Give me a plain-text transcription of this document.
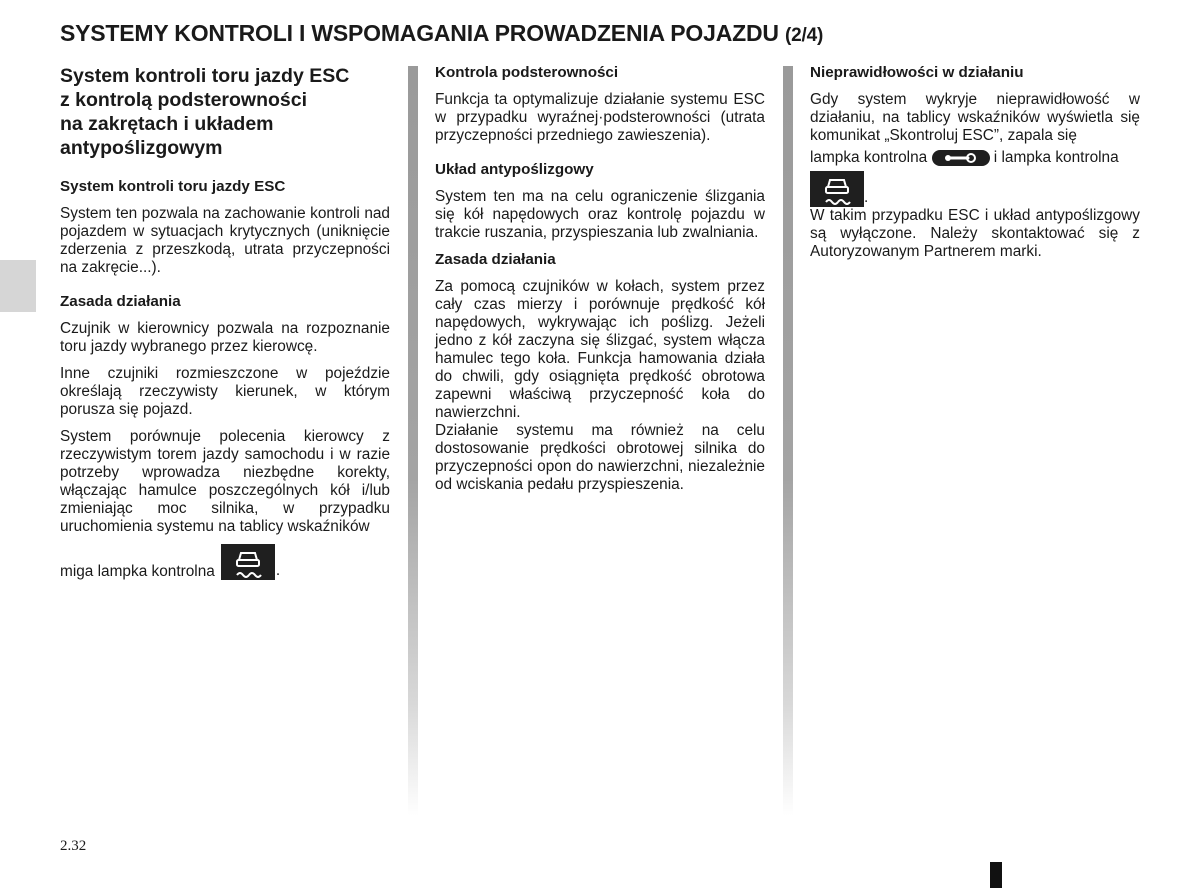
SYSTEMY KONTROLI I WSPOMAGANIA PROWADZENIA POJAZDU (2/4)
System kontroli toru jazdy ESC
z kontrolą podsterowności
na zakrętach i układem
antypoślizgowym
System kontroli toru jazdy ESC

System ten pozwala na zachowanie kontroli nad pojazdem w sytuacjach krytycznych (uniknięcie zderzenia z przeszkodą, utrata przyczepności na zakręcie...).

Zasada działania

Czujnik w kierownicy pozwala na rozpoznanie toru jazdy wybranego przez kierowcę.

Inne czujniki rozmieszczone w pojeździe określają rzeczywisty kierunek, w którym porusza się pojazd.

System porównuje polecenia kierowcy z rzeczywistym torem jazdy samochodu i w razie potrzeby wprowadza niezbędne korekty, włączając hamulce poszczególnych kół i/lub zmieniając moc silnika, w przypadku uruchomienia systemu na tablicy wskaźników

miga lampka kontrolna	.
Kontrola podsterowności

Funkcja ta optymalizuje działanie systemu ESC w przypadku wyraźnej·podsterowności (utrata przyczepności przedniego zawieszenia).

Układ antypoślizgowy

System ten ma na celu ograniczenie ślizgania się kół napędowych oraz kontrolę pojazdu w trakcie ruszania, przyspieszania lub zwalniania.

Zasada działania

Za pomocą czujników w kołach, system przez cały czas mierzy i porównuje prędkość kół napędowych, wykrywając ich poślizg. Jeżeli jedno z kół zaczyna się ślizgać, system włącza hamulec tego koła. Funkcja hamowania działa do chwili, gdy osiągnięta prędkość obrotowa zapewni właściwą przyczepność koła do nawierzchni.

Działanie systemu ma również na celu dostosowanie prędkości obrotowej silnika do przyczepności opon do nawierzchni, niezależnie od wciskania pedału przyspieszenia.

Nieprawidłowości w działaniu

Gdy system wykryje nieprawidłowość w działaniu, na tablicy wskaźników wyświetla się komunikat „Skontroluj ESC”, zapala się

lampka kontrolna	i lampka kontrolna
.

W takim przypadku ESC i układ antypoślizgowy są wyłączone. Należy skontaktować się z Autoryzowanym Partnerem marki.

2.32
